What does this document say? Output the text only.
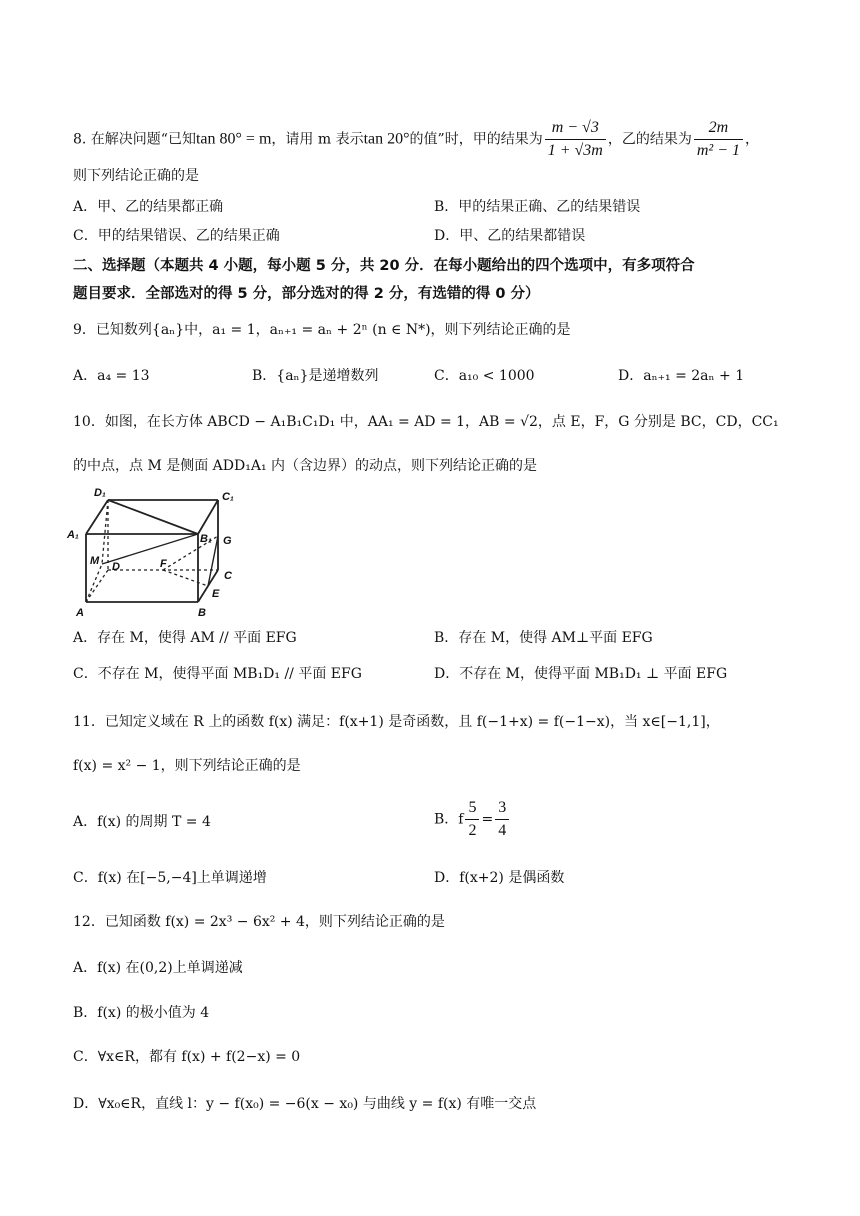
8. 在解决问题“已知tan 80° = m，请用 m 表示tan 20°的值”时，甲的结果为 $\frac{m - √3}{1 + √3m}$ ，乙的结果为 $\frac{2m}{\text{m² − 1}}$ ，
则下列结论正确的是
A．甲、乙的结果都正确	B．甲的结果正确、乙的结果错误
C．甲的结果错误、乙的结果正确	D．甲、乙的结果都错误
二、选择题（本题共 4 小题，每小题 5 分，共 20 分．在每小题给出的四个选项中，有多项符合
题目要求．全部选对的得 5 分，部分选对的得 2 分，有选错的得 0 分）
9．已知数列{aₙ}中，a₁ = 1，aₙ₊₁ = aₙ + 2ⁿ (n ∈ N*)，则下列结论正确的是
A．a₄ = 13	B．{aₙ}是递增数列	C．a₁₀ < 1000	D．aₙ₊₁ = 2aₙ + 1
10．如图，在长方体 ABCD − A₁B₁C₁D₁ 中，AA₁ = AD = 1，AB = √2，点 E，F，G 分别是 BC，CD，CC₁
的中点，点 M 是侧面 ADD₁A₁ 内（含边界）的动点，则下列结论正确的是
D₁	C₁
A₁	B₁ G
M D	F
C
E
A	B
A．存在 M，使得 AM // 平面 EFG	B．存在 M，使得 AM⊥平面 EFG
C．不存在 M，使得平面 MB₁D₁ // 平面 EFG	D．不存在 M，使得平面 MB₁D₁ ⊥ 平面 EFG
11．已知定义域在 R 上的函数 f(x) 满足：f(x+1) 是奇函数，且 f(−1+x) = f(−1−x)，当 x∈[−1,1]，
f(x) = x² − 1，则下列结论正确的是
A．f(x) 的周期 T = 4	B．f $\frac{5}{2} = \frac{3}{4}$
C．f(x) 在[−5,−4]上单调递增	D．f(x+2) 是偶函数
12．已知函数 f(x) = 2x³ − 6x² + 4，则下列结论正确的是
A．f(x) 在(0,2)上单调递减
B．f(x) 的极小值为 4
C．∀x∈R，都有 f(x) + f(2−x) = 0
D．∀x₀∈R，直线 l：y − f(x₀) = −6(x − x₀) 与曲线 y = f(x) 有唯一交点
